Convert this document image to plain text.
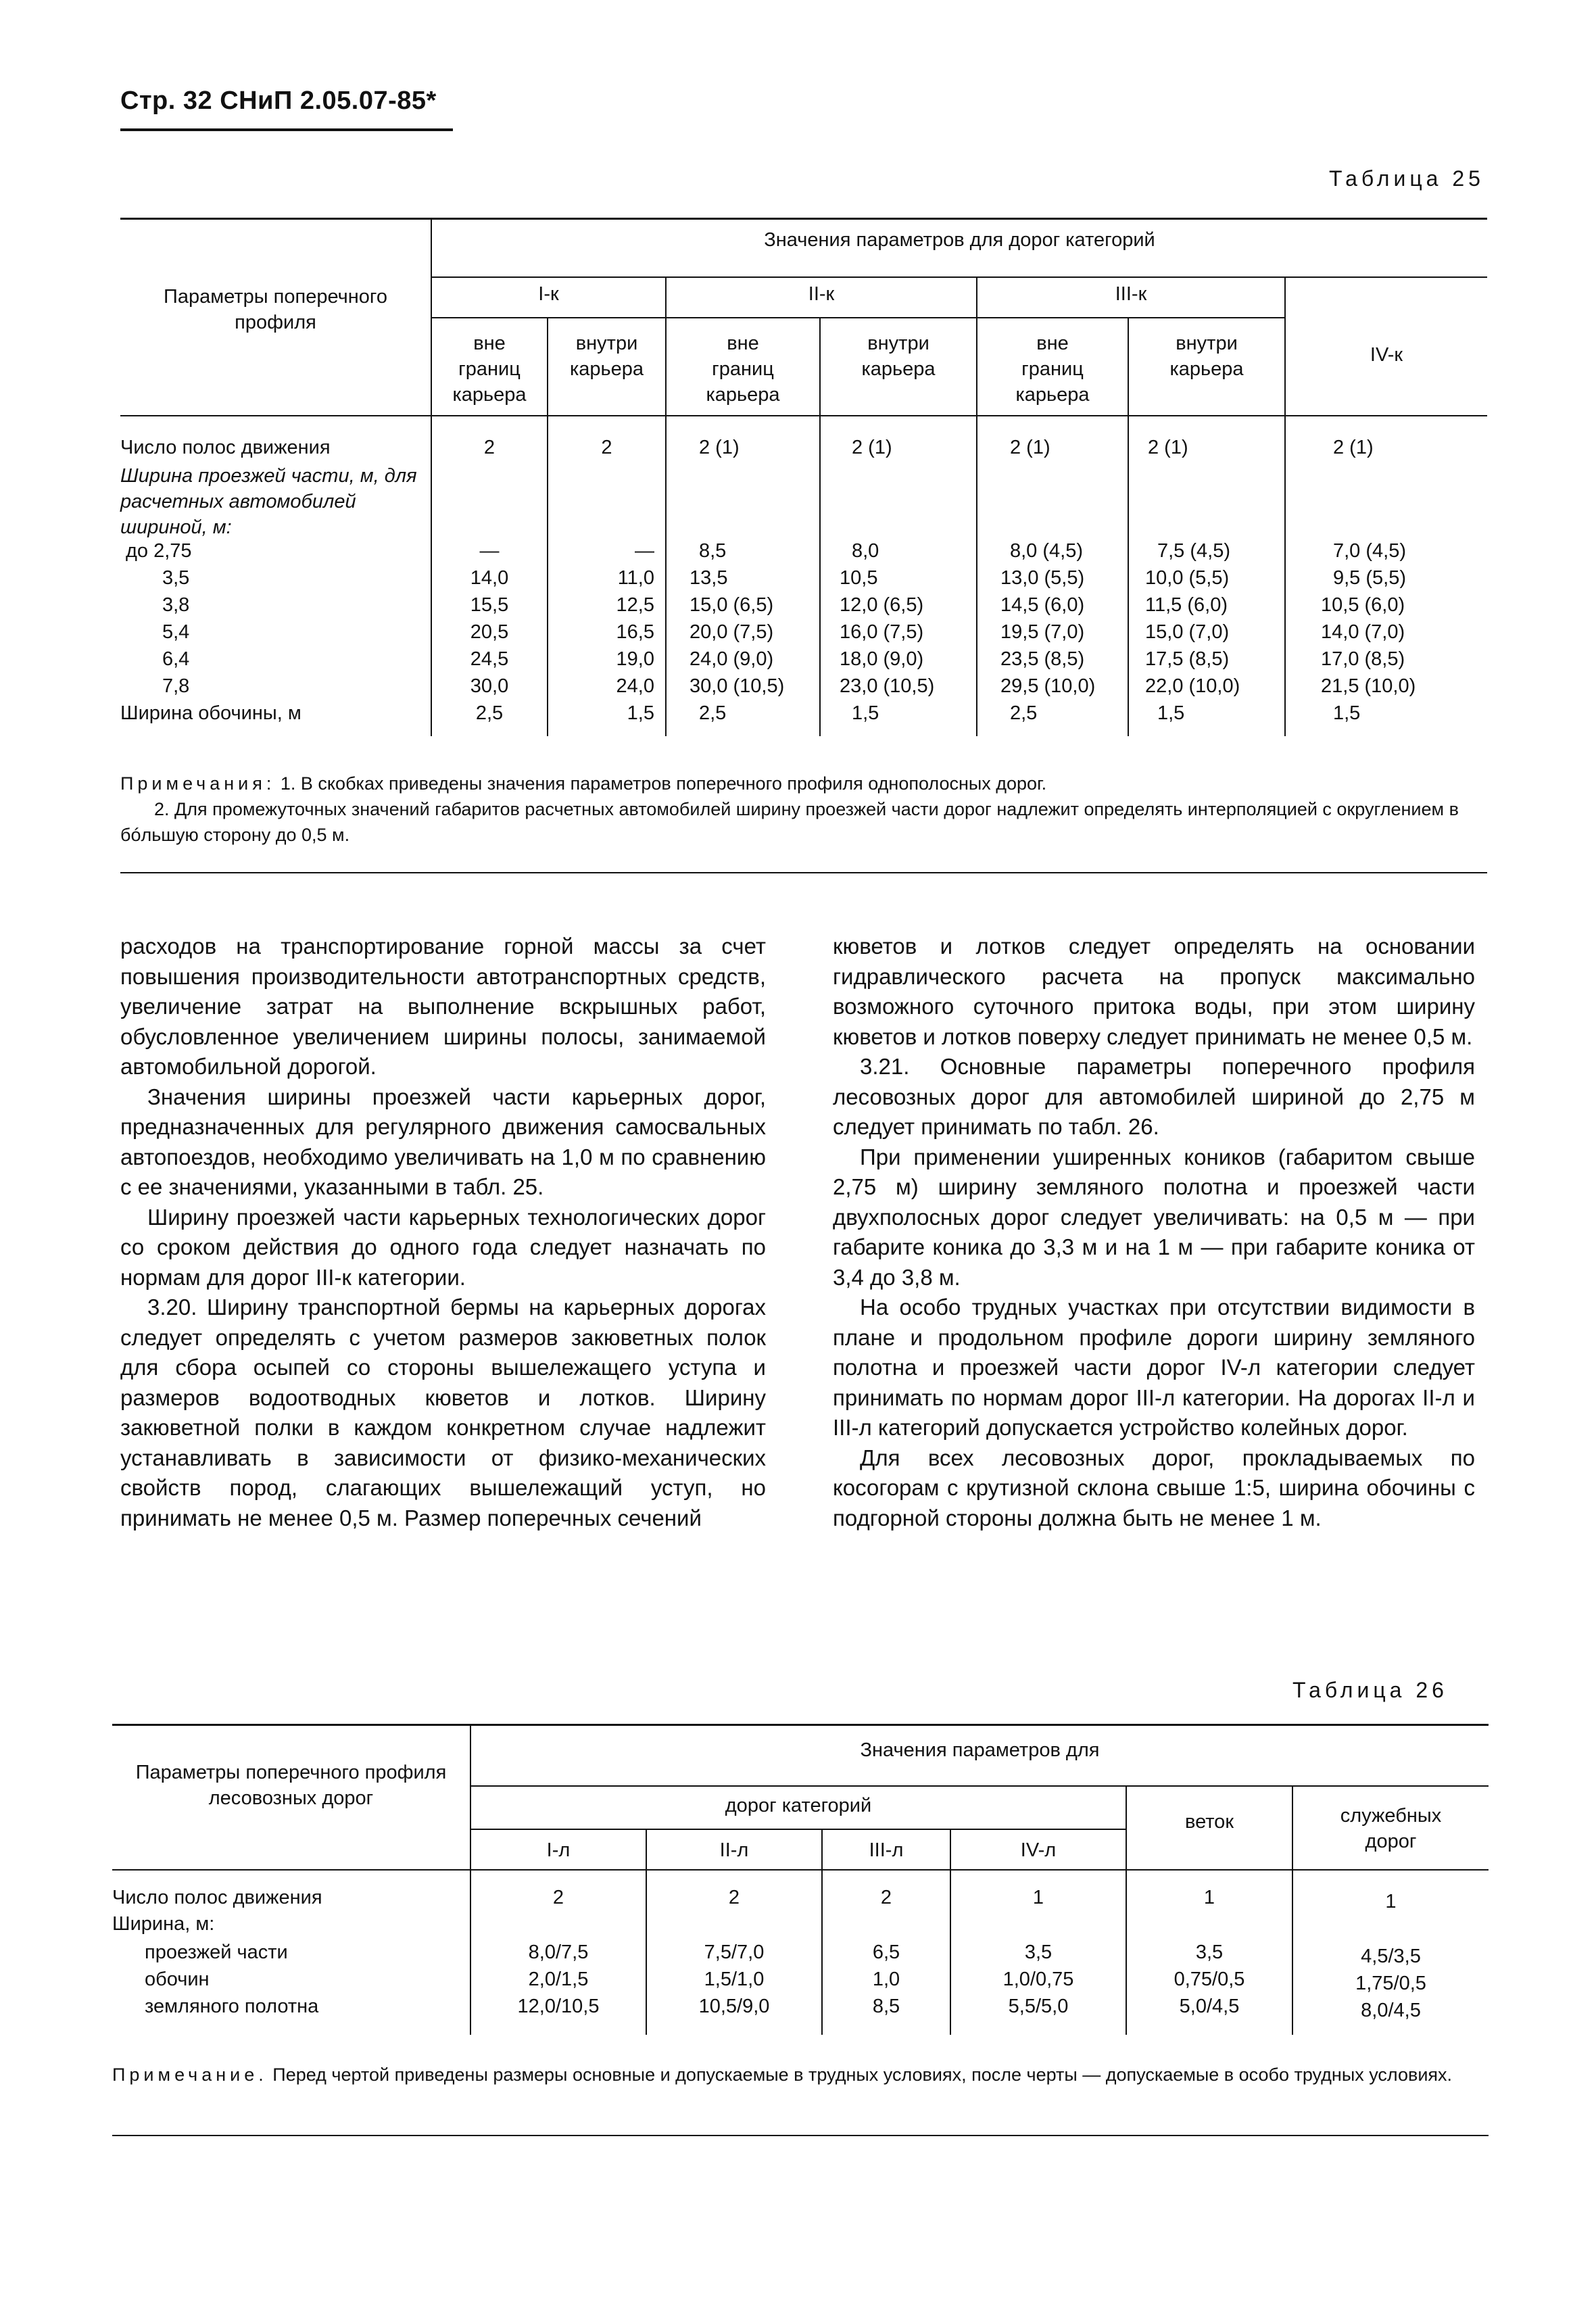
Стр. 32 СНиП 2.05.07-85*
Таблица 25
Параметры поперечного профиля	Значения параметров для дорог категорий						
	I-к		II-к		III-к		IV-к
	вне границ карьера	внутри карьера	вне границ карьера	внутри карьера	вне границ карьера	внутри карьера	
Число полос движения	2	2	2 (1)	2 (1)	2 (1)	2 (1)	2 (1)
Ширина проезжей части, м, для расчетных автомобилей шириной, м:							
до 2,75	—	—	8,5	8,0	8,0 (4,5)	7,5 (4,5)	7,0 (4,5)
3,5	14,0	11,0	13,5	10,5	13,0 (5,5)	10,0 (5,5)	9,5 (5,5)
3,8	15,5	12,5	15,0 (6,5)	12,0 (6,5)	14,5 (6,0)	11,5 (6,0)	10,5 (6,0)
5,4	20,5	16,5	20,0 (7,5)	16,0 (7,5)	19,5 (7,0)	15,0 (7,0)	14,0 (7,0)
6,4	24,5	19,0	24,0 (9,0)	18,0 (9,0)	23,5 (8,5)	17,5 (8,5)	17,0 (8,5)
7,8	30,0	24,0	30,0 (10,5)	23,0 (10,5)	29,5 (10,0)	22,0 (10,0)	21,5 (10,0)
Ширина обочины, м	2,5	1,5	2,5	1,5	2,5	1,5	1,5
Примечания: 1. В скобках приведены значения параметров поперечного профиля однополосных дорог.
2. Для промежуточных значений габаритов расчетных автомобилей ширину проезжей части дорог надлежит определять интерполяцией с округлением в бóльшую сторону до 0,5 м.

расходов на транспортирование горной массы за счет повышения производительности автотранспортных средств, увеличение затрат на выполнение вскрышных работ, обусловленное увеличением ширины полосы, занимаемой автомобильной дорогой.

Значения ширины проезжей части карьерных дорог, предназначенных для регулярного движения самосвальных автопоездов, необходимо увеличивать на 1,0 м по сравнению с ее значениями, указанными в табл. 25.

Ширину проезжей части карьерных технологических дорог со сроком действия до одного года следует назначать по нормам для дорог III-к категории.

3.20. Ширину транспортной бермы на карьерных дорогах следует определять с учетом размеров закюветных полок для сбора осыпей со стороны вышележащего уступа и размеров водоотводных кюветов и лотков. Ширину закюветной полки в каждом конкретном случае надлежит устанавливать в зависимости от физико-механических свойств пород, слагающих вышележащий уступ, но принимать не менее 0,5 м. Размер поперечных сечений

кюветов и лотков следует определять на основании гидравлического расчета на пропуск максимально возможного суточного притока воды, при этом ширину кюветов и лотков поверху следует принимать не менее 0,5 м.

3.21. Основные параметры поперечного профиля лесовозных дорог для автомобилей шириной до 2,75 м следует принимать по табл. 26.

При применении уширенных коников (габаритом свыше 2,75 м) ширину земляного полотна и проезжей части двухполосных дорог следует увеличивать: на 0,5 м — при габарите коника до 3,3 м и на 1 м — при габарите коника от 3,4 до 3,8 м.

На особо трудных участках при отсутствии видимости в плане и продольном профиле дороги ширину земляного полотна и проезжей части дорог IV-л категории следует принимать по нормам дорог III-л категории. На дорогах II-л и III-л категорий допускается устройство колейных дорог.

Для всех лесовозных дорог, прокладываемых по косогорам с крутизной склона свыше 1:5, ширина обочины с подгорной стороны должна быть не менее 1 м.

Таблица 26
Параметры поперечного профиля лесовозных дорог	Значения параметров для					
	дорог категорий				веток	служебных дорог
	I-л	II-л	III-л	IV-л		
Число полос движения	2	2	2	1	1	1
Ширина, м:						
проезжей части	8,0/7,5	7,5/7,0	6,5	3,5	3,5	4,5/3,5
обочин	2,0/1,5	1,5/1,0	1,0	1,0/0,75	0,75/0,5	1,75/0,5
земляного полотна	12,0/10,5	10,5/9,0	8,5	5,5/5,0	5,0/4,5	8,0/4,5
Примечание. Перед чертой приведены размеры основные и допускаемые в трудных условиях, после черты — допускаемые в особо трудных условиях.
